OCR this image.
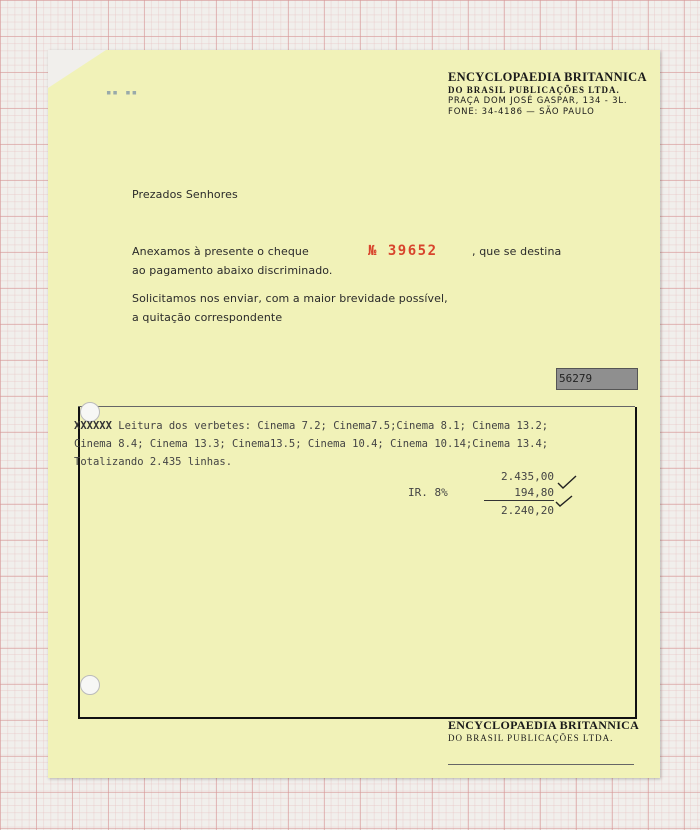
▪▪ ▪▪
ENCYCLOPAEDIA BRITANNICA
DO BRASIL PUBLICAÇÕES LTDA.
PRAÇA DOM JOSÉ GASPAR, 134 - 3L.
FONE: 34-4186 — SÃO PAULO
Prezados Senhores
Anexamos à presente o cheque	№ 39652	, que se destina
ao pagamento abaixo discriminado.
Solicitamos nos enviar, com a maior brevidade possível,
a quitação correspondente
56279
XXXXXX Leitura dos verbetes: Cinema 7.2; Cinema7.5;Cinema 8.1; Cinema 13.2;
Cinema 8.4; Cinema 13.3; Cinema13.5; Cinema 10.4; Cinema 10.14;Cinema 13.4;
Totalizando 2.435 linhas.
2.435,00
IR. 8%	194,80
2.240,20
ENCYCLOPAEDIA BRITANNICA
DO BRASIL PUBLICAÇÕES LTDA.
